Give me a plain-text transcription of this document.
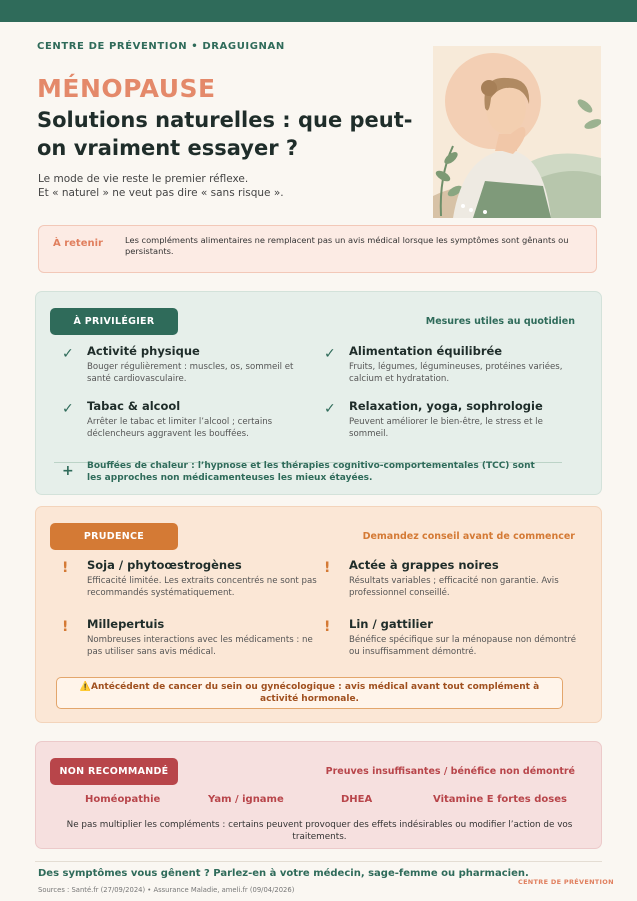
CENTRE DE PRÉVENTION • DRAGUIGNAN
MÉNOPAUSE
Solutions naturelles : que peut-on vraiment essayer ?
Le mode de vie reste le premier réflexe.
Et « naturel » ne veut pas dire « sans risque ».
À retenir	Les compléments alimentaires ne remplacent pas un avis médical lorsque les symptômes sont gênants ou persistants.
À PRIVILÉGIER	Mesures utiles au quotidien
✓ Activité physique
Bouger régulièrement : muscles, os, sommeil et santé cardiovasculaire.
✓ Alimentation équilibrée
Fruits, légumes, légumineuses, protéines variées, calcium et hydratation.
✓ Tabac & alcool
Arrêter le tabac et limiter l’alcool ; certains déclencheurs aggravent les bouffées.
✓ Relaxation, yoga, sophrologie
Peuvent améliorer le bien-être, le stress et le sommeil.
+ Bouffées de chaleur : l’hypnose et les thérapies cognitivo-comportementales (TCC) sont les approches non médicamenteuses les mieux étayées.
PRUDENCE	Demandez conseil avant de commencer
! Soja / phytoœstrogènes
Efficacité limitée. Les extraits concentrés ne sont pas recommandés systématiquement.
! Actée à grappes noires
Résultats variables ; efficacité non garantie. Avis professionnel conseillé.
! Millepertuis
Nombreuses interactions avec les médicaments : ne pas utiliser sans avis médical.
! Lin / gattilier
Bénéfice spécifique sur la ménopause non démontré ou insuffisamment démontré.
⚠️Antécédent de cancer du sein ou gynécologique : avis médical avant tout complément à activité hormonale.
NON RECOMMANDÉ	Preuves insuffisantes / bénéfice non démontré
Homéopathie	Yam / igname	DHEA	Vitamine E fortes doses
Ne pas multiplier les compléments : certains peuvent provoquer des effets indésirables ou modifier l’action de vos traitements.
Des symptômes vous gênent ? Parlez-en à votre médecin, sage-femme ou pharmacien.
Sources : Santé.fr (27/09/2024) • Assurance Maladie, ameli.fr (09/04/2026)
CENTRE DE PRÉVENTION
